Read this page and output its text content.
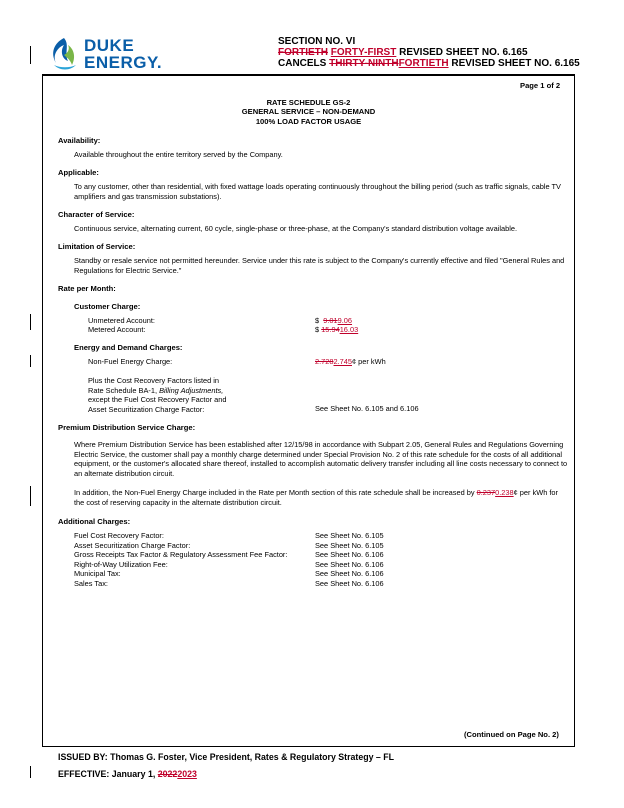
DUKE
ENERGY.
SECTION NO. VI
FORTIETH FORTY-FIRST REVISED SHEET NO. 6.165
CANCELS THIRTY-NINTHFORTIETH REVISED SHEET NO. 6.165
Page 1 of 2
RATE SCHEDULE GS-2
GENERAL SERVICE – NON-DEMAND
100% LOAD FACTOR USAGE
Availability:
Available throughout the entire territory served by the Company.
Applicable:
To any customer, other than residential, with fixed wattage loads operating continuously throughout the billing period (such as traffic signals, cable TV amplifiers and gas transmission substations).
Character of Service:
Continuous service, alternating current, 60 cycle, single-phase or three-phase, at the Company's standard distribution voltage available.
Limitation of Service:
Standby or resale service not permitted hereunder. Service under this rate is subject to the Company's currently effective and filed "General Rules and Regulations for Electric Service."
Rate per Month:
Customer Charge:
Unmetered Account:	$ 9.019.06
Metered Account:	$ 15.9416.03
Energy and Demand Charges:
Non-Fuel Energy Charge:	2.7282.745¢ per kWh
Plus the Cost Recovery Factors listed in
Rate Schedule BA-1, Billing Adjustments,
except the Fuel Cost Recovery Factor and
Asset Securitization Charge Factor:	See Sheet No. 6.105 and 6.106
Premium Distribution Service Charge:
Where Premium Distribution Service has been established after 12/15/98 in accordance with Subpart 2.05, General Rules and Regulations Governing Electric Service, the customer shall pay a monthly charge determined under Special Provision No. 2 of this rate schedule for the costs of all additional equipment, or the customer's allocated share thereof, installed to accomplish automatic delivery transfer including all line costs necessary to connect to an alternate distribution circuit.
In addition, the Non-Fuel Energy Charge included in the Rate per Month section of this rate schedule shall be increased by 0.2370.238¢ per kWh for the cost of reserving capacity in the alternate distribution circuit.
Additional Charges:
Fuel Cost Recovery Factor:	See Sheet No. 6.105
Asset Securitization Charge Factor:	See Sheet No. 6.105
Gross Receipts Tax Factor & Regulatory Assessment Fee Factor:	See Sheet No. 6.106
Right-of-Way Utilization Fee:	See Sheet No. 6.106
Municipal Tax:	See Sheet No. 6.106
Sales Tax:	See Sheet No. 6.106
(Continued on Page No. 2)
ISSUED BY: Thomas G. Foster, Vice President, Rates & Regulatory Strategy – FL
EFFECTIVE: January 1, 20222023
